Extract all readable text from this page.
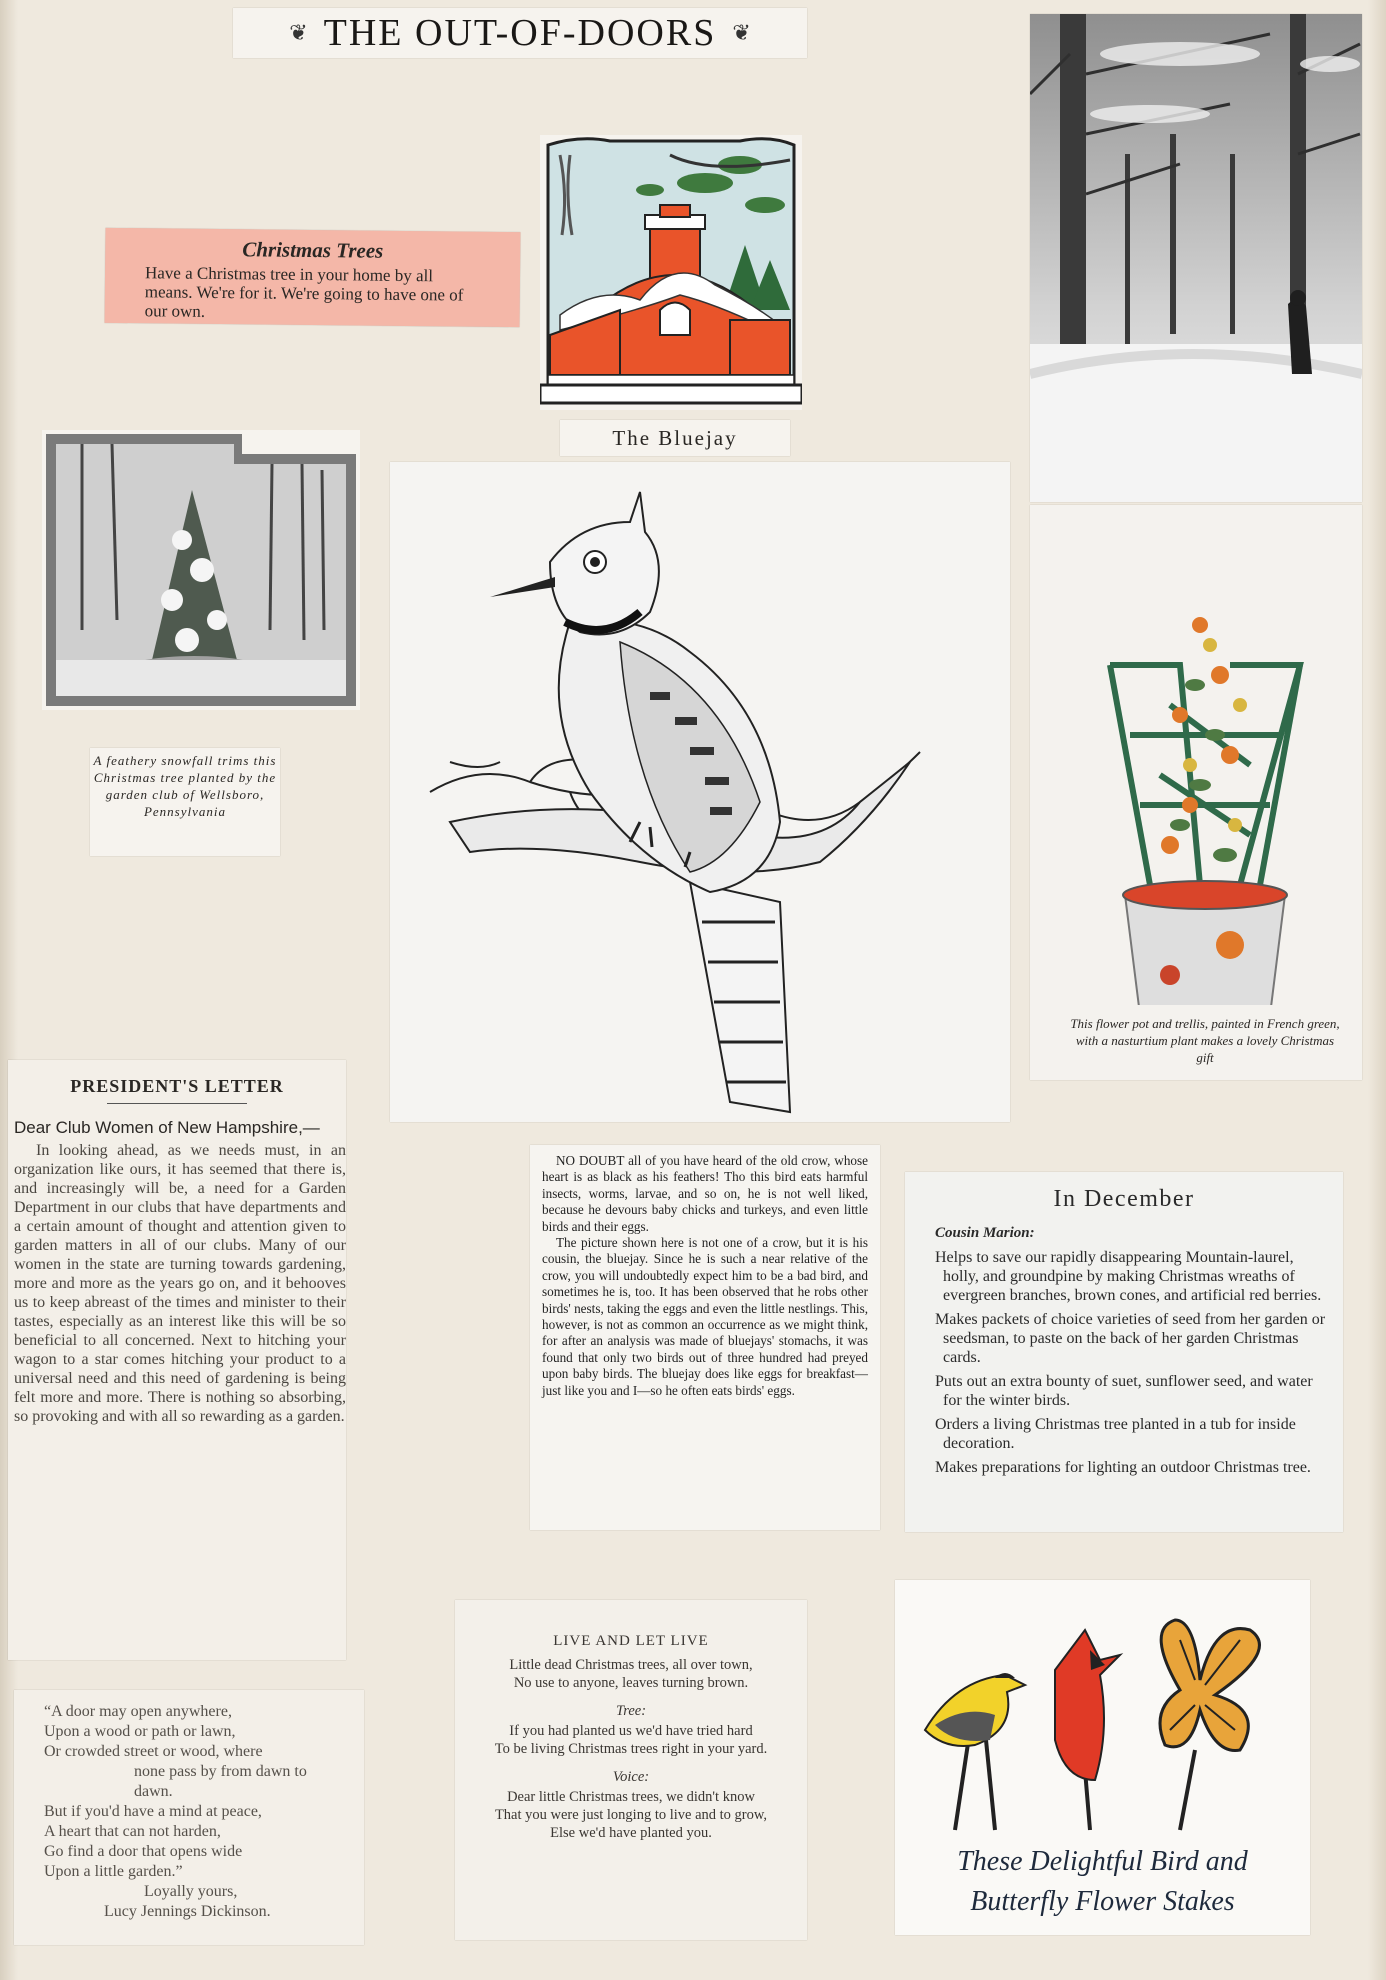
❦ THE OUT-OF-DOORS ❦
Christmas Trees
Have a Christmas tree in your home by all means. We're for it. We're going to have one of our own.
The Bluejay
A feathery snowfall trims this Christmas tree planted by the garden club of Wellsboro, Pennsylvania
This flower pot and trellis, painted in French green, with a nasturtium plant makes a lovely Christmas gift
PRESIDENT'S LETTER
Dear Club Women of New Hampshire,—
In looking ahead, as we needs must, in an organization like ours, it has seemed that there is, and increasingly will be, a need for a Garden Department in our clubs that have departments and a certain amount of thought and attention given to garden matters in all of our clubs. Many of our women in the state are turning towards gardening, more and more as the years go on, and it behooves us to keep abreast of the times and minister to their tastes, especially as an interest like this will be so beneficial to all concerned. Next to hitching your wagon to a star comes hitching your product to a universal need and this need of gardening is being felt more and more. There is nothing so absorbing, so provoking and with all so rewarding as a garden.
“A door may open anywhere,
Upon a wood or path or lawn,
Or crowded street or wood, where
none pass by from dawn to
dawn.
But if you'd have a mind at peace,
A heart that can not harden,
Go find a door that opens wide
Upon a little garden.”
Loyally yours,
Lucy Jennings Dickinson.

NO DOUBT all of you have heard of the old crow, whose heart is as black as his feathers! Tho this bird eats harmful insects, worms, larvae, and so on, he is not well liked, because he devours baby chicks and turkeys, and even little birds and their eggs.

The picture shown here is not one of a crow, but it is his cousin, the bluejay. Since he is such a near relative of the crow, you will undoubtedly expect him to be a bad bird, and sometimes he is, too. It has been observed that he robs other birds' nests, taking the eggs and even the little nestlings. This, however, is not as common an occurrence as we might think, for after an analysis was made of bluejays' stomachs, it was found that only two birds out of three hundred had preyed upon baby birds. The bluejay does like eggs for breakfast—just like you and I—so he often eats birds' eggs.

In December
Cousin Marion:
Helps to save our rapidly disappearing Mountain-laurel, holly, and groundpine by making Christmas wreaths of evergreen branches, brown cones, and artificial red berries.
Makes packets of choice varieties of seed from her garden or seedsman, to paste on the back of her garden Christmas cards.
Puts out an extra bounty of suet, sunflower seed, and water for the winter birds.
Orders a living Christmas tree planted in a tub for inside decoration.
Makes preparations for lighting an outdoor Christmas tree.
LIVE AND LET LIVE
Little dead Christmas trees, all over town,
No use to anyone, leaves turning brown.
Tree:
If you had planted us we'd have tried hard
To be living Christmas trees right in your yard.
Voice:
Dear little Christmas trees, we didn't know
That you were just longing to live and to grow,
Else we'd have planted you.
These Delightful Bird and
Butterfly Flower Stakes
